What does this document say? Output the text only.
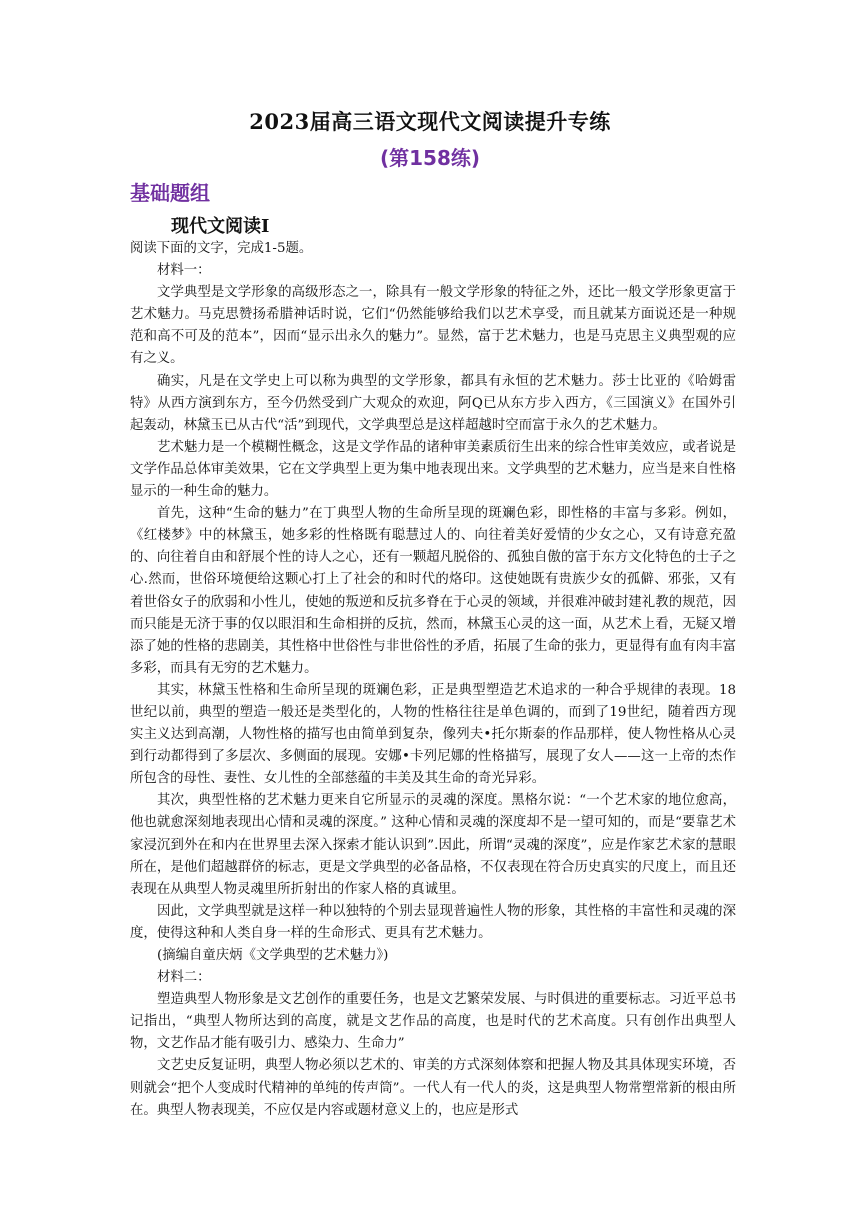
2023届高三语文现代文阅读提升专练
(第158练)
基础题组
现代文阅读Ⅰ

阅读下面的文字，完成1-5题。

材料一：

文学典型是文学形象的高级形态之一，除具有一般文学形象的特征之外，还比一般文学形象更富于艺术魅力。马克思赞扬希腊神话时说，它们“仍然能够给我们以艺术享受，而且就某方面说还是一种规范和高不可及的范本”，因而“显示出永久的魅力”。显然，富于艺术魅力，也是马克思主义典型观的应有之义。

确实，凡是在文学史上可以称为典型的文学形象，都具有永恒的艺术魅力。莎士比亚的《哈姆雷特》从西方演到东方，至今仍然受到广大观众的欢迎，阿Q已从东方步入西方，《三国演义》在国外引起轰动，林黛玉已从古代“活”到现代，文学典型总是这样超越时空而富于永久的艺术魅力。

艺术魅力是一个模糊性概念，这是文学作品的诸种审美素质衍生出来的综合性审美效应，或者说是文学作品总体审美效果，它在文学典型上更为集中地表现出来。文学典型的艺术魅力，应当是来自性格显示的一种生命的魅力。

首先，这种“生命的魅力”在丁典型人物的生命所呈现的斑斓色彩，即性格的丰富与多彩。例如，《红楼梦》中的林黛玉，她多彩的性格既有聪慧过人的、向往着美好爱情的少女之心，又有诗意充盈的、向往着自由和舒展个性的诗人之心，还有一颗超凡脱俗的、孤独自傲的富于东方文化特色的士子之心.然而，世俗环境便给这颗心打上了社会的和时代的烙印。这使她既有贵族少女的孤僻、邪张，又有着世俗女子的欣弱和小性儿，使她的叛逆和反抗多脊在于心灵的领域，并很难冲破封建礼教的规范，因而只能是无济于事的仅以眼泪和生命相拼的反抗，然而，林黛玉心灵的这一面，从艺术上看，无疑又增添了她的性格的悲剧美，其性格中世俗性与非世俗性的矛盾，拓展了生命的张力，更显得有血有肉丰富多彩，而具有无穷的艺术魅力。

其实，林黛玉性格和生命所呈现的斑斓色彩，正是典型塑造艺术追求的一种合乎规律的表现。18世纪以前，典型的塑造一般还是类型化的，人物的性格往往是单色调的，而到了19世纪，随着西方现实主义达到高潮，人物性格的描写也由简单到复杂，像列夫•托尔斯泰的作品那样，使人物性格从心灵到行动都得到了多层次、多侧面的展现。安娜•卡列尼娜的性格描写，展现了女人——这一上帝的杰作所包含的母性、妻性、女儿性的全部慈蕴的丰美及其生命的奇光异彩。

其次，典型性格的艺术魅力更来自它所显示的灵魂的深度。黑格尔说：“一个艺术家的地位愈高，他也就愈深刻地表现出心情和灵魂的深度。” 这种心情和灵魂的深度却不是一望可知的，而是“要靠艺术家浸沉到外在和内在世界里去深入探索才能认识到”.因此，所谓“灵魂的深度”，应是作家艺术家的慧眼所在，是他们超越群侪的标志，更是文学典型的必备品格，不仅表现在符合历史真实的尺度上，而且还表现在从典型人物灵魂里所折射出的作家人格的真诚里。

因此，文学典型就是这样一种以独特的个别去显现普遍性人物的形象，其性格的丰富性和灵魂的深度，使得这种和人类自身一样的生命形式、更具有艺术魅力。

(摘编自童庆炳《文学典型的艺术魅力》)

材料二：

塑造典型人物形象是文艺创作的重要任务，也是文艺繁荣发展、与时俱进的重要标志。习近平总书记指出，“典型人物所达到的高度，就是文艺作品的高度，也是时代的艺术高度。只有创作出典型人物，文艺作品才能有吸引力、感染力、生命力”

文艺史反复证明，典型人物必须以艺术的、审美的方式深刻体察和把握人物及其具体现实环境，否则就会“把个人变成时代精神的单纯的传声筒”。一代人有一代人的炎，这是典型人物常塑常新的根由所在。典型人物表现美，不应仅是内容或题材意义上的，也应是形式
